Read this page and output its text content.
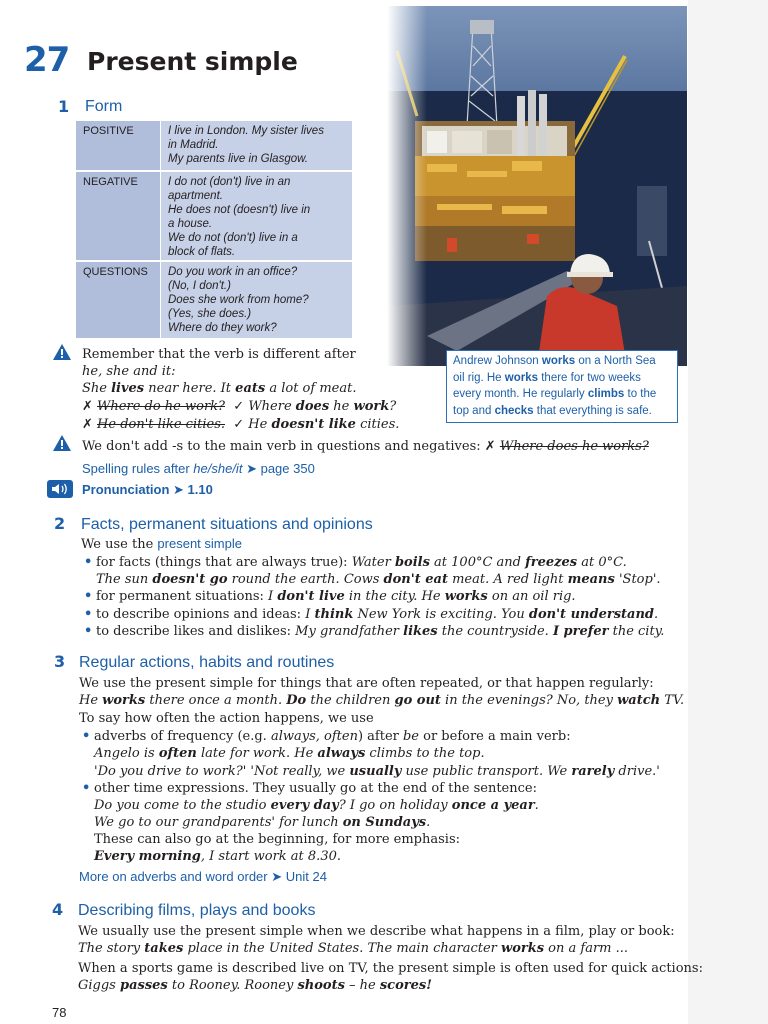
27 Present simple
1 Form
POSITIVE	I live in London. My sister lives
in Madrid.
My parents live in Glasgow.
NEGATIVE	I do not (don't) live in an
apartment.
He does not (doesn't) live in
a house.
We do not (don't) live in a
block of flats.
QUESTIONS Do you work in an office?
(No, I don't.)
Does she work from home?
(Yes, she does.)
Where do they work?
Andrew Johnson works on a North Sea
oil rig. He works there for two weeks
every month. He regularly climbs to the
top and checks that everything is safe.
Remember that the verb is different after
he, she and it:
She lives near here. It eats a lot of meat.
✗ Where do he work? ✓ Where does he work?
✗ He don't like cities. ✓ He doesn't like cities.
We don't add -s to the main verb in questions and negatives: ✗ Where does he works?
Spelling rules after he/she/it ➤ page 350
Pronunciation ➤ 1.10
2 Facts, permanent situations and opinions
We use the present simple
• for facts (things that are always true): Water boils at 100°C and freezes at 0°C.
The sun doesn't go round the earth. Cows don't eat meat. A red light means 'Stop'.
• for permanent situations: I don't live in the city. He works on an oil rig.
• to describe opinions and ideas: I think New York is exciting. You don't understand.
• to describe likes and dislikes: My grandfather likes the countryside. I prefer the city.
3 Regular actions, habits and routines
We use the present simple for things that are often repeated, or that happen regularly:
He works there once a month. Do the children go out in the evenings? No, they watch TV.
To say how often the action happens, we use
• adverbs of frequency (e.g. always, often) after be or before a main verb:
Angelo is often late for work. He always climbs to the top.
'Do you drive to work?' 'Not really, we usually use public transport. We rarely drive.'
• other time expressions. They usually go at the end of the sentence:
Do you come to the studio every day? I go on holiday once a year.
We go to our grandparents' for lunch on Sundays.
These can also go at the beginning, for more emphasis:
Every morning, I start work at 8.30.
More on adverbs and word order ➤ Unit 24
4 Describing films, plays and books
We usually use the present simple when we describe what happens in a film, play or book:
The story takes place in the United States. The main character works on a farm ...
When a sports game is described live on TV, the present simple is often used for quick actions:
Giggs passes to Rooney. Rooney shoots – he scores!
78
